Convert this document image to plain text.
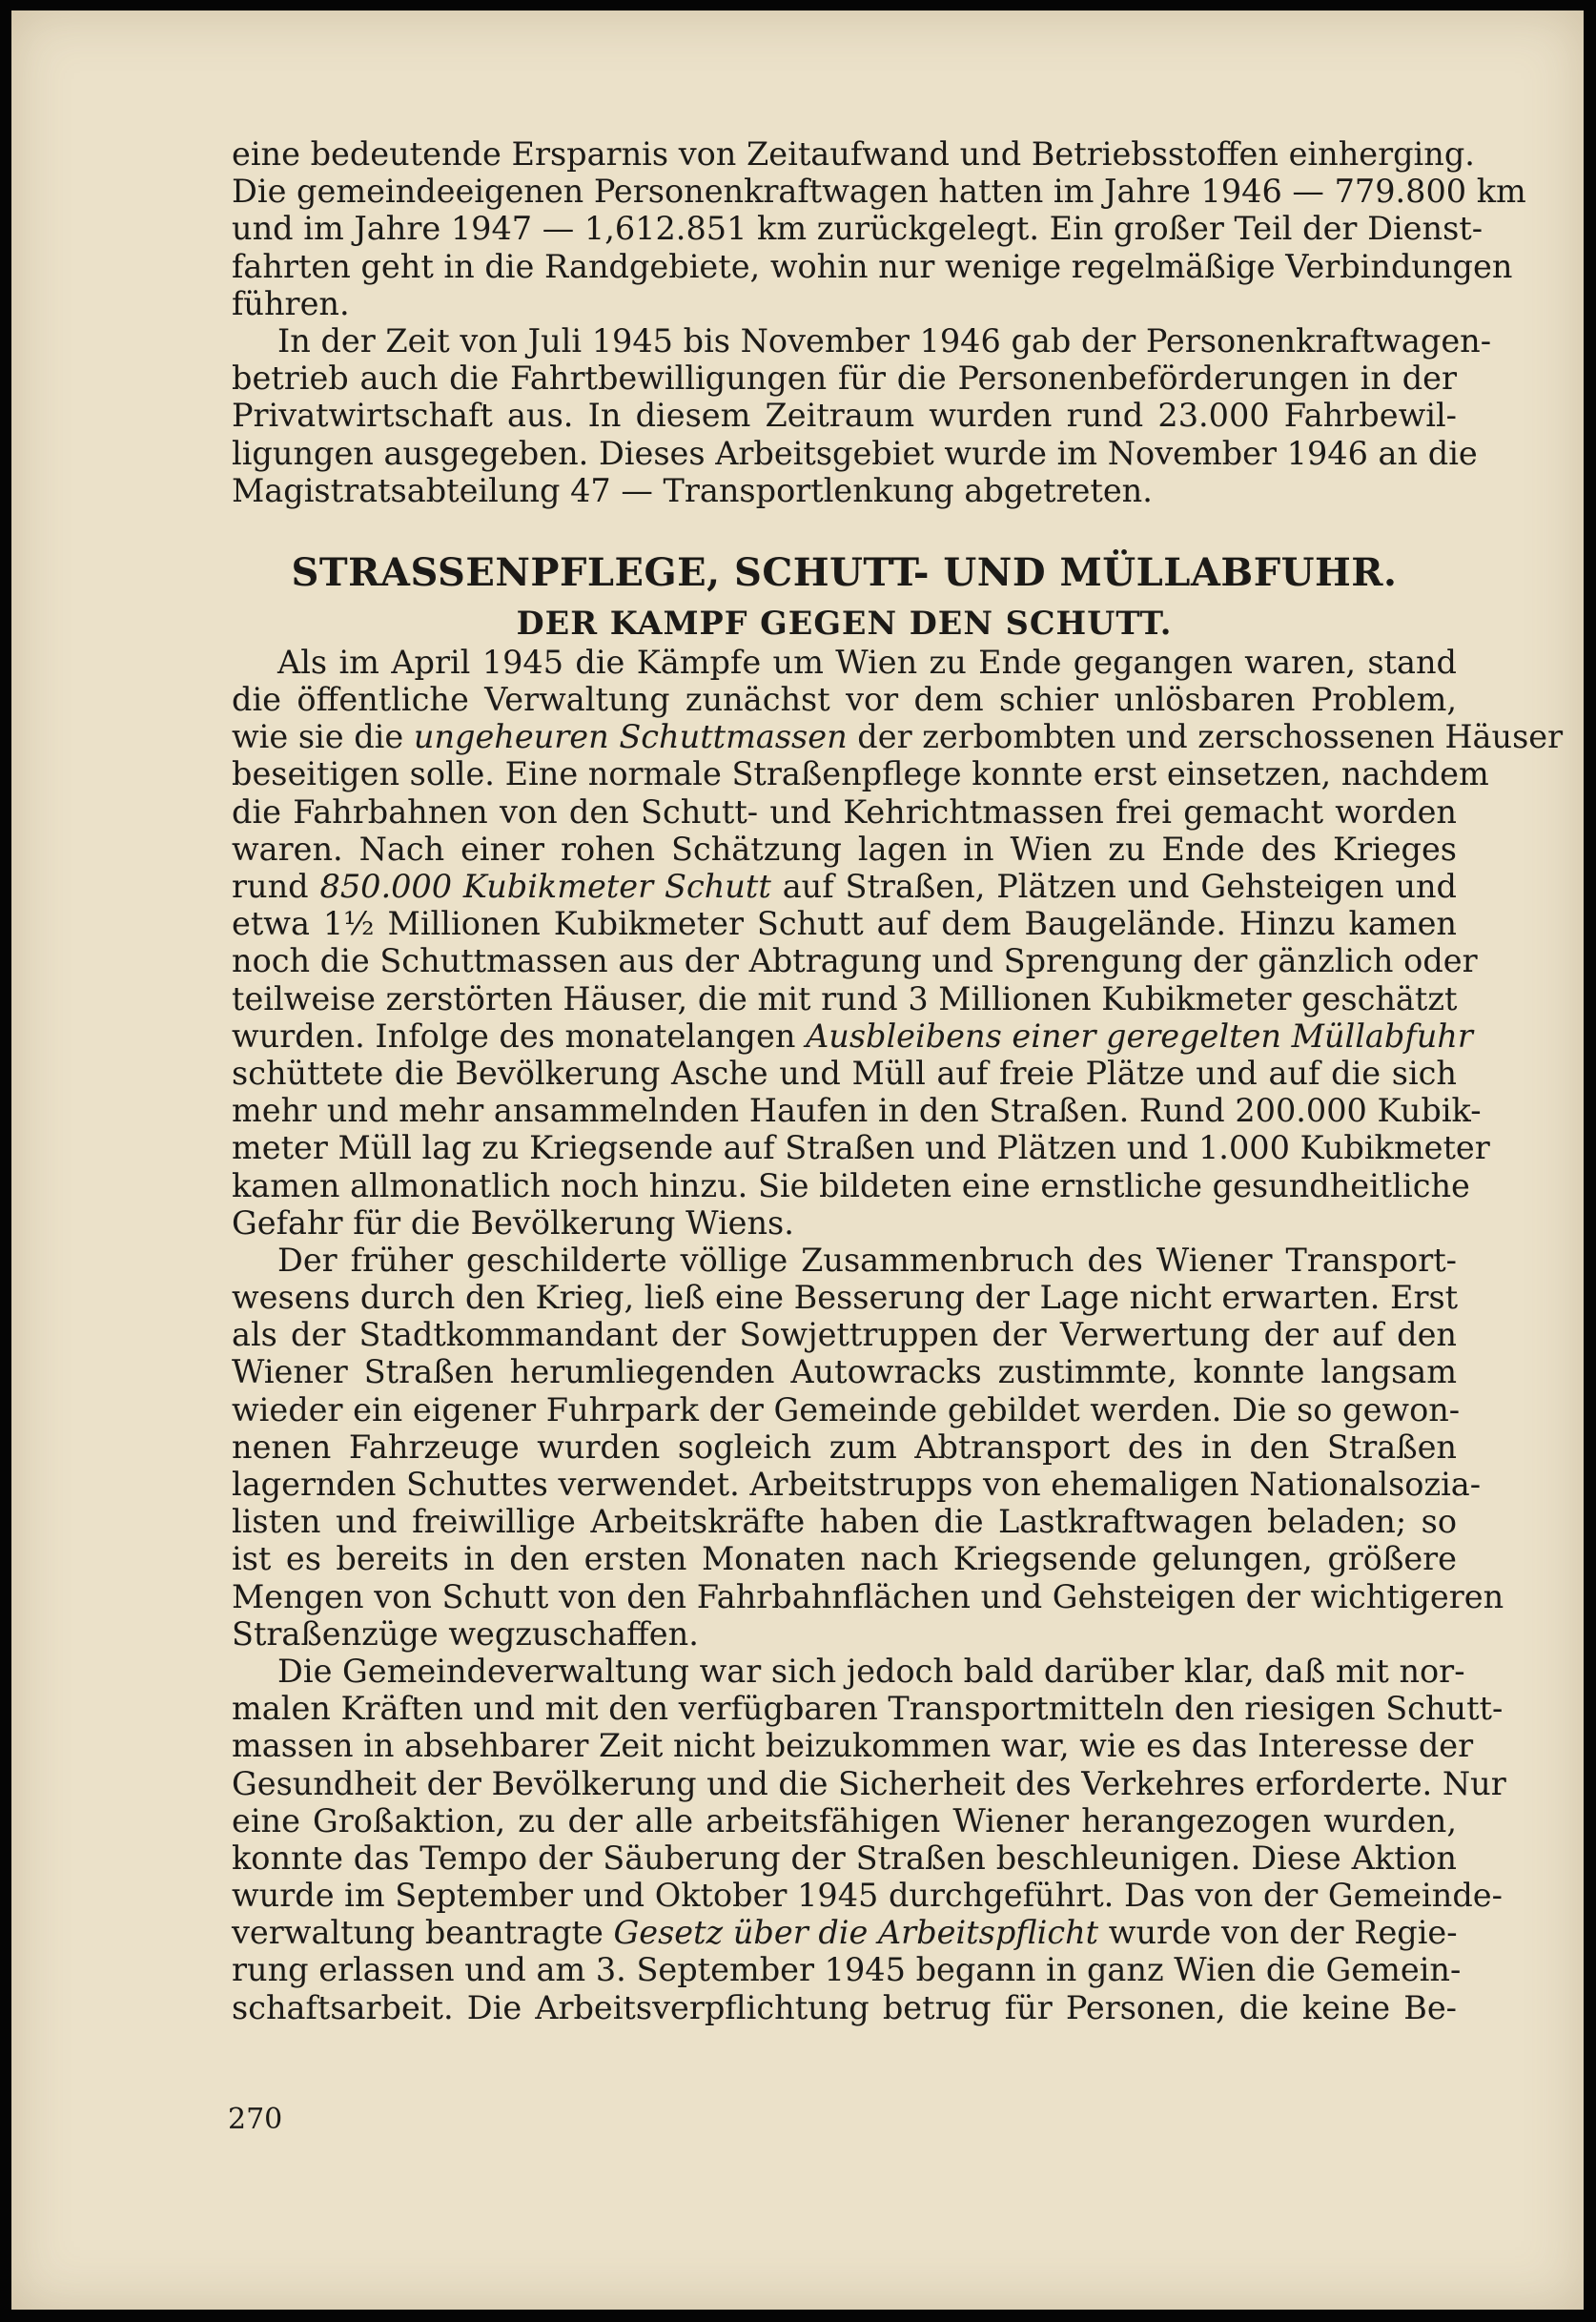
eine bedeutende Ersparnis von Zeitaufwand und Betriebsstoffen einherging.
Die gemeindeeigenen Personenkraftwagen hatten im Jahre 1946 — 779.800 km
und im Jahre 1947 — 1,612.851 km zurückgelegt. Ein großer Teil der Dienst-
fahrten geht in die Randgebiete, wohin nur wenige regelmäßige Verbindungen
führen.

In der Zeit von Juli 1945 bis November 1946 gab der Personenkraftwagen-
betrieb auch die Fahrtbewilligungen für die Personenbeförderungen in der
Privatwirtschaft aus. In diesem Zeitraum wurden rund 23.000 Fahrbewil-
ligungen ausgegeben. Dieses Arbeitsgebiet wurde im November 1946 an die
Magistratsabteilung 47 — Transportlenkung abgetreten.

STRASSENPFLEGE, SCHUTT- UND MÜLLABFUHR.
DER KAMPF GEGEN DEN SCHUTT.

Als im April 1945 die Kämpfe um Wien zu Ende gegangen waren, stand
die öffentliche Verwaltung zunächst vor dem schier unlösbaren Problem,
wie sie die ungeheuren Schuttmassen der zerbombten und zerschossenen Häuser
beseitigen solle. Eine normale Straßenpflege konnte erst einsetzen, nachdem
die Fahrbahnen von den Schutt- und Kehrichtmassen frei gemacht worden
waren. Nach einer rohen Schätzung lagen in Wien zu Ende des Krieges
rund 850.000 Kubikmeter Schutt auf Straßen, Plätzen und Gehsteigen und
etwa 1½ Millionen Kubikmeter Schutt auf dem Baugelände. Hinzu kamen
noch die Schuttmassen aus der Abtragung und Sprengung der gänzlich oder
teilweise zerstörten Häuser, die mit rund 3 Millionen Kubikmeter geschätzt
wurden. Infolge des monatelangen Ausbleibens einer geregelten Müllabfuhr
schüttete die Bevölkerung Asche und Müll auf freie Plätze und auf die sich
mehr und mehr ansammelnden Haufen in den Straßen. Rund 200.000 Kubik-
meter Müll lag zu Kriegsende auf Straßen und Plätzen und 1.000 Kubikmeter
kamen allmonatlich noch hinzu. Sie bildeten eine ernstliche gesundheitliche
Gefahr für die Bevölkerung Wiens.

Der früher geschilderte völlige Zusammenbruch des Wiener Transport-
wesens durch den Krieg, ließ eine Besserung der Lage nicht erwarten. Erst
als der Stadtkommandant der Sowjettruppen der Verwertung der auf den
Wiener Straßen herumliegenden Autowracks zustimmte, konnte langsam
wieder ein eigener Fuhrpark der Gemeinde gebildet werden. Die so gewon-
nenen Fahrzeuge wurden sogleich zum Abtransport des in den Straßen
lagernden Schuttes verwendet. Arbeitstrupps von ehemaligen Nationalsozia-
listen und freiwillige Arbeitskräfte haben die Lastkraftwagen beladen; so
ist es bereits in den ersten Monaten nach Kriegsende gelungen, größere
Mengen von Schutt von den Fahrbahnflächen und Gehsteigen der wichtigeren
Straßenzüge wegzuschaffen.

Die Gemeindeverwaltung war sich jedoch bald darüber klar, daß mit nor-
malen Kräften und mit den verfügbaren Transportmitteln den riesigen Schutt-
massen in absehbarer Zeit nicht beizukommen war, wie es das Interesse der
Gesundheit der Bevölkerung und die Sicherheit des Verkehres erforderte. Nur
eine Großaktion, zu der alle arbeitsfähigen Wiener herangezogen wurden,
konnte das Tempo der Säuberung der Straßen beschleunigen. Diese Aktion
wurde im September und Oktober 1945 durchgeführt. Das von der Gemeinde-
verwaltung beantragte Gesetz über die Arbeitspflicht wurde von der Regie-
rung erlassen und am 3. September 1945 begann in ganz Wien die Gemein-
schaftsarbeit. Die Arbeitsverpflichtung betrug für Personen, die keine Be-

270
